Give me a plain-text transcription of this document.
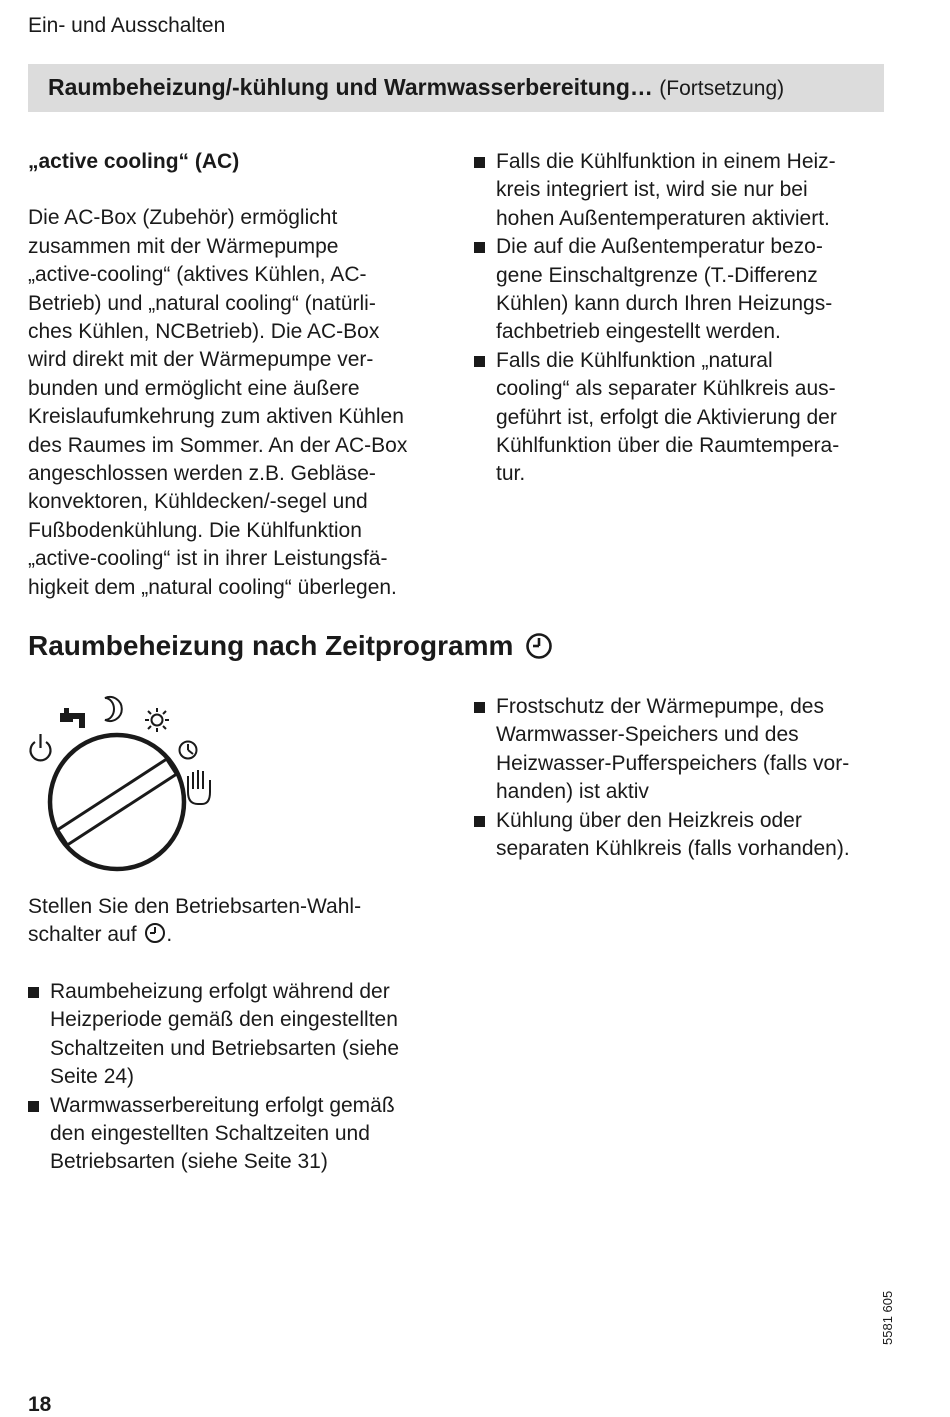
Ein- und Ausschalten
Raumbeheizung/-kühlung und Warmwasserbereitung… (Fortsetzung)

„active cooling“ (AC)

Die AC-Box (Zubehör) ermöglicht
zusammen mit der Wärmepumpe
„active-cooling“ (aktives Kühlen, AC-
Betrieb) und „natural cooling“ (natürli-
ches Kühlen, NCBetrieb). Die AC-Box
wird direkt mit der Wärmepumpe ver-
bunden und ermöglicht eine äußere
Kreislaufumkehrung zum aktiven Kühlen
des Raumes im Sommer. An der AC-Box
angeschlossen werden z.B. Gebläse-
konvektoren, Kühldecken/-segel und
Fußbodenkühlung. Die Kühlfunktion
„active-cooling“ ist in ihrer Leistungsfä-
higkeit dem „natural cooling“ überlegen.
Falls die Kühlfunktion in einem Heiz-
kreis integriert ist, wird sie nur bei
hohen Außentemperaturen aktiviert.
Die auf die Außentemperatur bezo-
gene Einschaltgrenze (T.-Differenz
Kühlen) kann durch Ihren Heizungs-
fachbetrieb eingestellt werden.
Falls die Kühlfunktion „natural
cooling“ als separater Kühlkreis aus-
geführt ist, erfolgt die Aktivierung der
Kühlfunktion über die Raumtempera-
tur.
Raumbeheizung nach Zeitprogramm
Frostschutz der Wärmepumpe, des
Warmwasser-Speichers und des
Heizwasser-Pufferspeichers (falls vor-
handen) ist aktiv
Kühlung über den Heizkreis oder
separaten Kühlkreis (falls vorhanden).

Stellen Sie den Betriebsarten-Wahl-

schalter auf .

Raumbeheizung erfolgt während der
Heizperiode gemäß den eingestellten
Schaltzeiten und Betriebsarten (siehe
Seite 24)
Warmwasserbereitung erfolgt gemäß
den eingestellten Schaltzeiten und
Betriebsarten (siehe Seite 31)
18
5581 605
